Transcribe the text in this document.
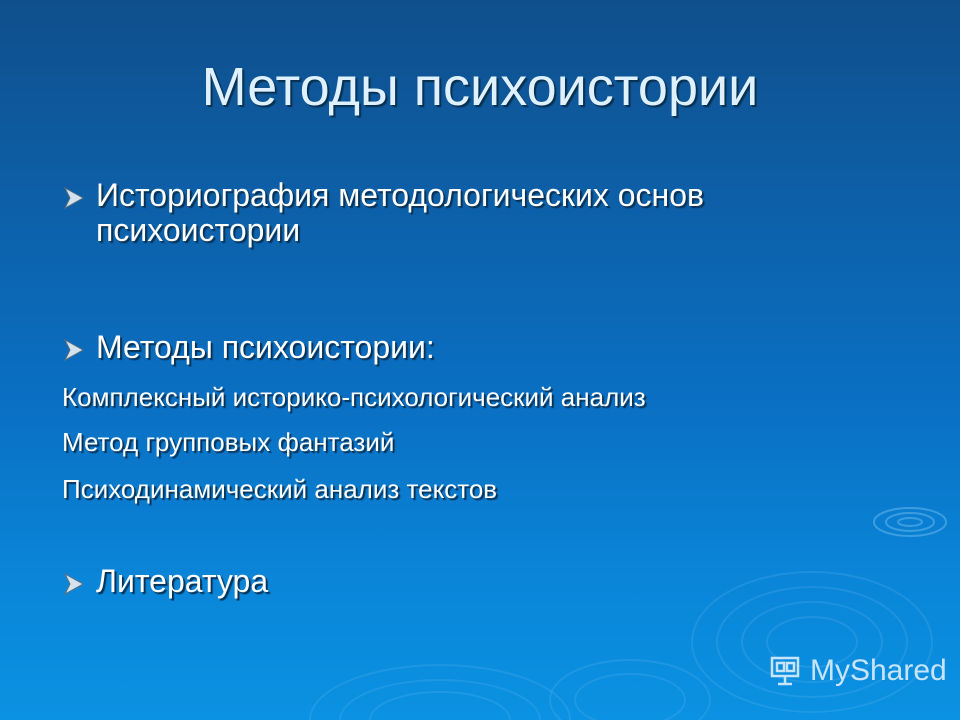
Методы психоистории
Историография методологических основ психоистории
Методы психоистории:
Комплексный историко-психологический анализ
Метод групповых фантазий
Психодинамический анализ текстов
Литература
MyShared
